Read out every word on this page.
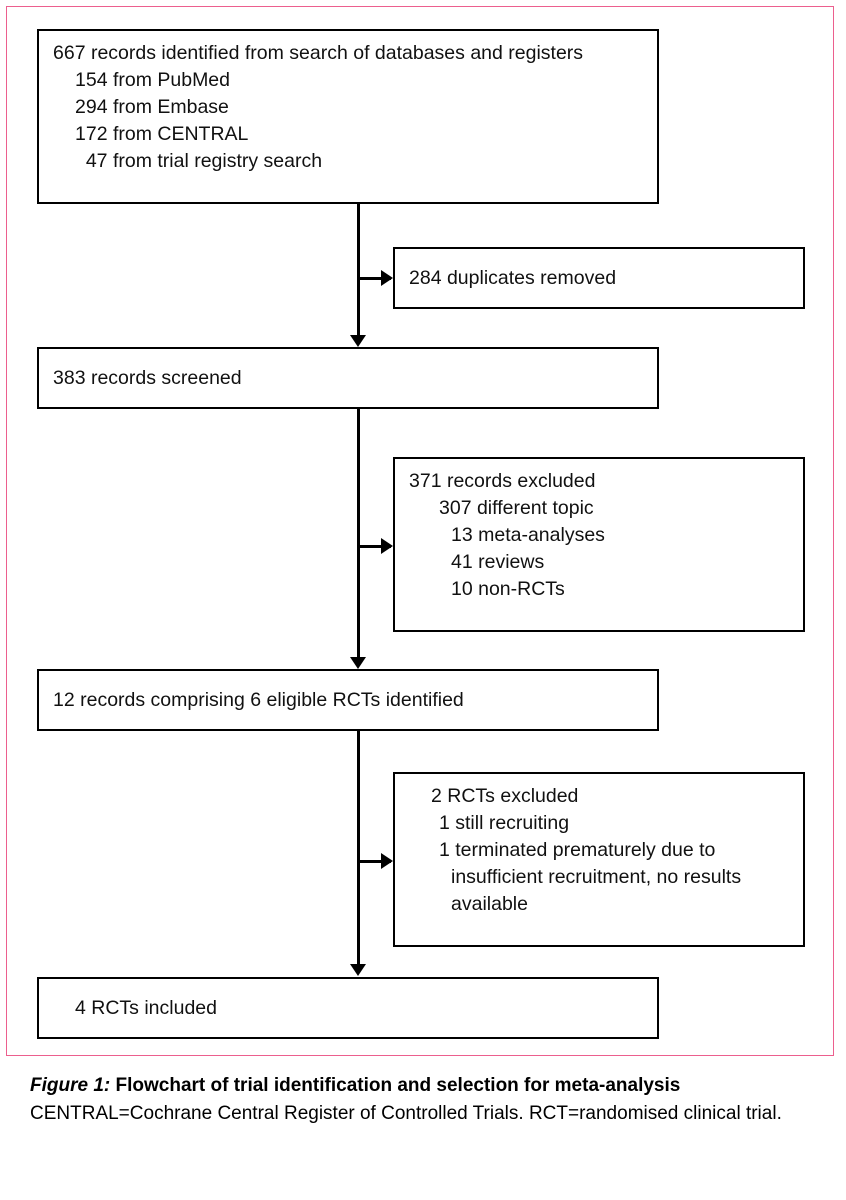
667 records identified from search of databases and registers
154 from PubMed
294 from Embase
172 from CENTRAL
47 from trial registry search
284 duplicates removed
383 records screened
371 records excluded
307 different topic
13 meta-analyses
41 reviews
10 non-RCTs
12 records comprising 6 eligible RCTs identified
2 RCTs excluded
1 still recruiting
1 terminated prematurely due to
insufficient recruitment, no results
available
4 RCTs included
Figure 1: Flowchart of trial identification and selection for meta-analysis
CENTRAL=Cochrane Central Register of Controlled Trials. RCT=randomised clinical trial.
